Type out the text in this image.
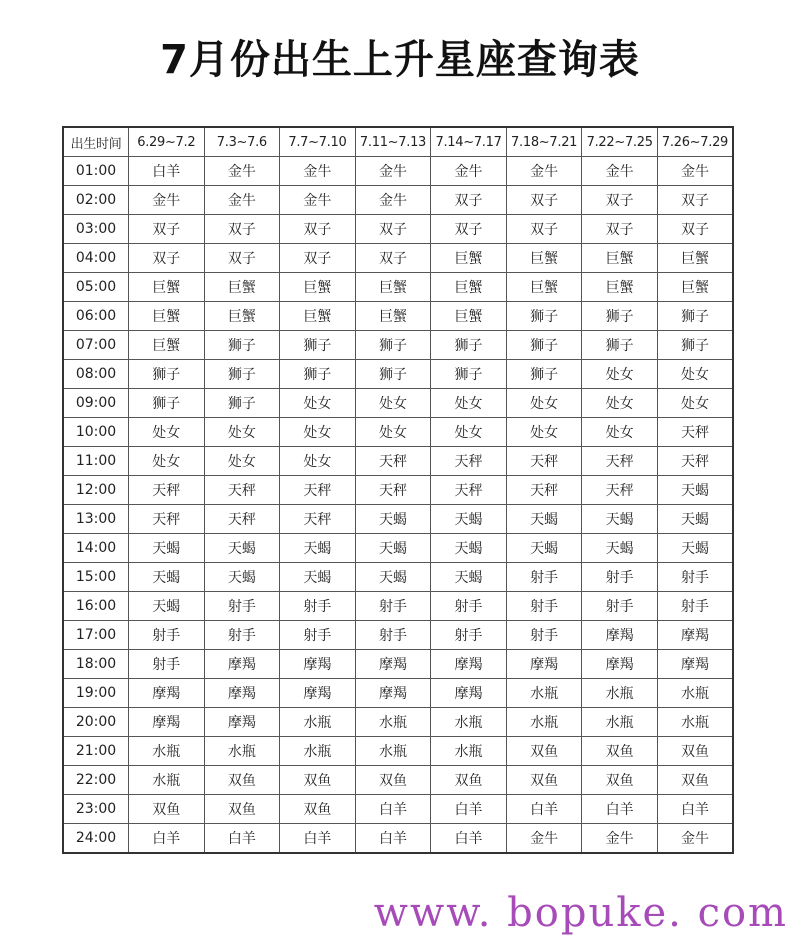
7月份出生上升星座查询表
出生时间	6.29~7.2	7.3~7.6	7.7~7.10	7.11~7.13	7.14~7.17	7.18~7.21	7.22~7.25	7.26~7.29
01:00	白羊	金牛	金牛	金牛	金牛	金牛	金牛	金牛
02:00	金牛	金牛	金牛	金牛	双子	双子	双子	双子
03:00	双子	双子	双子	双子	双子	双子	双子	双子
04:00	双子	双子	双子	双子	巨蟹	巨蟹	巨蟹	巨蟹
05:00	巨蟹	巨蟹	巨蟹	巨蟹	巨蟹	巨蟹	巨蟹	巨蟹
06:00	巨蟹	巨蟹	巨蟹	巨蟹	巨蟹	狮子	狮子	狮子
07:00	巨蟹	狮子	狮子	狮子	狮子	狮子	狮子	狮子
08:00	狮子	狮子	狮子	狮子	狮子	狮子	处女	处女
09:00	狮子	狮子	处女	处女	处女	处女	处女	处女
10:00	处女	处女	处女	处女	处女	处女	处女	天秤
11:00	处女	处女	处女	天秤	天秤	天秤	天秤	天秤
12:00	天秤	天秤	天秤	天秤	天秤	天秤	天秤	天蝎
13:00	天秤	天秤	天秤	天蝎	天蝎	天蝎	天蝎	天蝎
14:00	天蝎	天蝎	天蝎	天蝎	天蝎	天蝎	天蝎	天蝎
15:00	天蝎	天蝎	天蝎	天蝎	天蝎	射手	射手	射手
16:00	天蝎	射手	射手	射手	射手	射手	射手	射手
17:00	射手	射手	射手	射手	射手	射手	摩羯	摩羯
18:00	射手	摩羯	摩羯	摩羯	摩羯	摩羯	摩羯	摩羯
19:00	摩羯	摩羯	摩羯	摩羯	摩羯	水瓶	水瓶	水瓶
20:00	摩羯	摩羯	水瓶	水瓶	水瓶	水瓶	水瓶	水瓶
21:00	水瓶	水瓶	水瓶	水瓶	水瓶	双鱼	双鱼	双鱼
22:00	水瓶	双鱼	双鱼	双鱼	双鱼	双鱼	双鱼	双鱼
23:00	双鱼	双鱼	双鱼	白羊	白羊	白羊	白羊	白羊
24:00	白羊	白羊	白羊	白羊	白羊	金牛	金牛	金牛
www. bopuke. com
